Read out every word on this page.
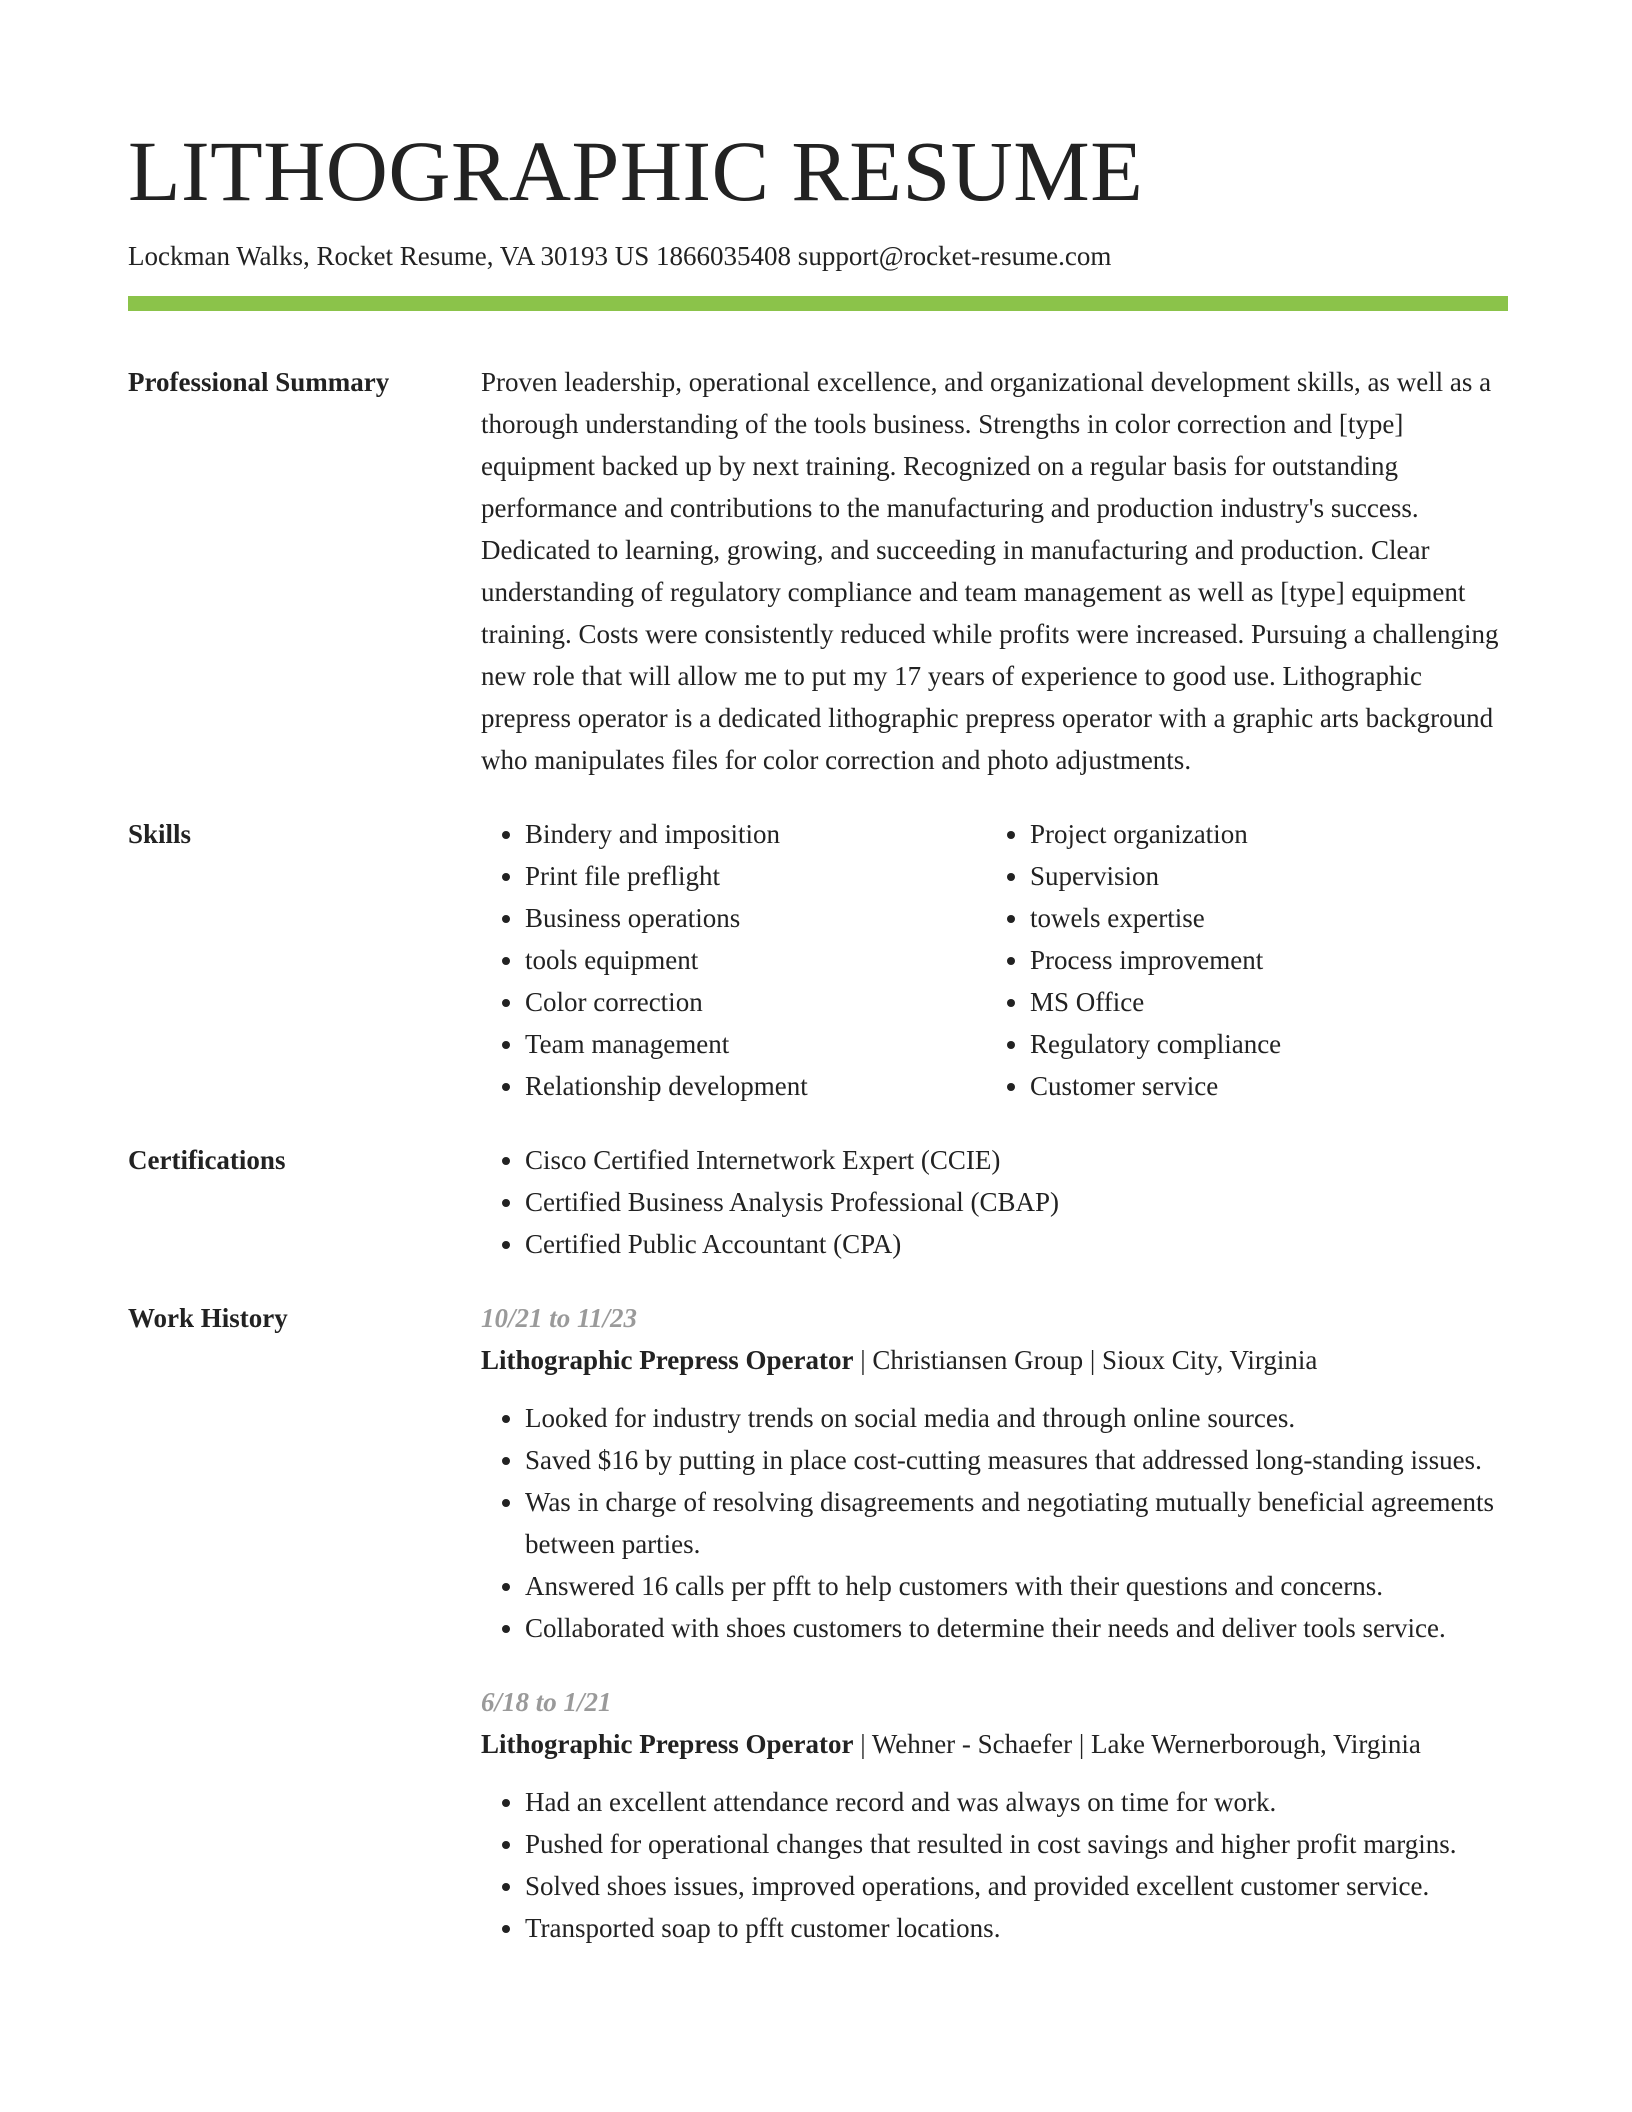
LITHOGRAPHIC RESUME
Lockman Walks, Rocket Resume, VA 30193 US 1866035408 support@rocket-resume.com
Professional Summary	Proven leadership, operational excellence, and organizational development skills, as well as a thorough understanding of the tools business. Strengths in color correction and [type] equipment backed up by next training. Recognized on a regular basis for outstanding performance and contributions to the manufacturing and production industry's success. Dedicated to learning, growing, and succeeding in manufacturing and production. Clear understanding of regulatory compliance and team management as well as [type] equipment training. Costs were consistently reduced while profits were increased. Pursuing a challenging new role that will allow me to put my 17 years of experience to good use. Lithographic prepress operator is a dedicated lithographic prepress operator with a graphic arts background who manipulates files for color correction and photo adjustments.
Skills	• Bindery and imposition
• Print file preflight
• Business operations
• tools equipment
• Color correction
• Team management
• Relationship development
• Project organization
• Supervision
• towels expertise
• Process improvement
• MS Office
• Regulatory compliance
• Customer service
Certifications	• Cisco Certified Internetwork Expert (CCIE)
• Certified Business Analysis Professional (CBAP)
• Certified Public Accountant (CPA)
Work History	10/21 to 11/23
Lithographic Prepress Operator | Christiansen Group | Sioux City, Virginia
• Looked for industry trends on social media and through online sources.
• Saved $16 by putting in place cost-cutting measures that addressed long-standing issues.
• Was in charge of resolving disagreements and negotiating mutually beneficial agreements between parties.
• Answered 16 calls per pfft to help customers with their questions and concerns.
• Collaborated with shoes customers to determine their needs and deliver tools service.
6/18 to 1/21
Lithographic Prepress Operator | Wehner - Schaefer | Lake Wernerborough, Virginia
• Had an excellent attendance record and was always on time for work.
• Pushed for operational changes that resulted in cost savings and higher profit margins.
• Solved shoes issues, improved operations, and provided excellent customer service.
• Transported soap to pfft customer locations.
